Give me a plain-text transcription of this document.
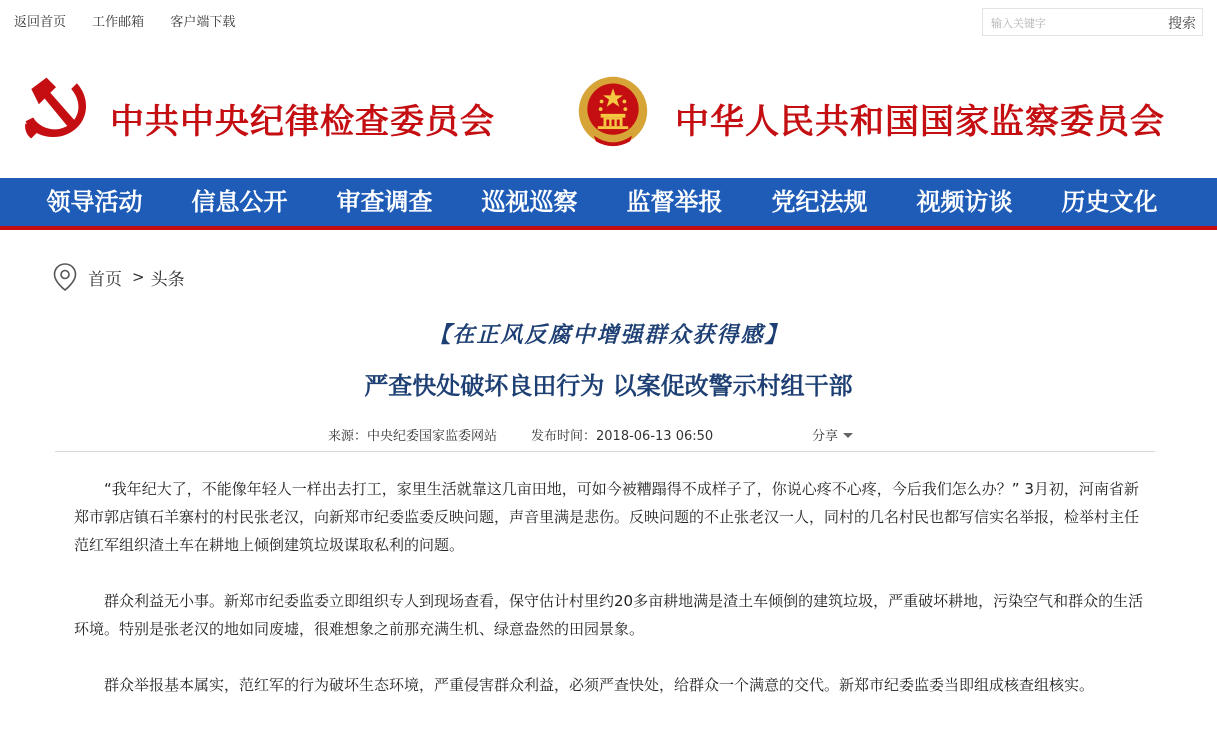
返回首页 工作邮箱 客户端下载
输入关键字	搜索
中共中央纪律检查委员会	中华人民共和国国家监察委员会
领导活动	信息公开	审查调查	巡视巡察	监督举报	党纪法规	视频访谈	历史文化
首页 > 头条
【在正风反腐中增强群众获得感】
严查快处破坏良田行为 以案促改警示村组干部
来源：中央纪委国家监委网站	发布时间：2018-06-13 06:50	分享

“我年纪大了，不能像年轻人一样出去打工，家里生活就靠这几亩田地，可如今被糟蹋得不成样子了，你说心疼不心疼，今后我们怎么办？” 3月初，河南省新郑市郭店镇石羊寨村的村民张老汉，向新郑市纪委监委反映问题，声音里满是悲伤。反映问题的不止张老汉一人，同村的几名村民也都写信实名举报，检举村主任范红军组织渣土车在耕地上倾倒建筑垃圾谋取私利的问题。

群众利益无小事。新郑市纪委监委立即组织专人到现场查看，保守估计村里约20多亩耕地满是渣土车倾倒的建筑垃圾，严重破坏耕地，污染空气和群众的生活环境。特别是张老汉的地如同废墟，很难想象之前那充满生机、绿意盎然的田园景象。

群众举报基本属实，范红军的行为破坏生态环境，严重侵害群众利益，必须严查快处，给群众一个满意的交代。新郑市纪委监委当即组成核查组核实。
